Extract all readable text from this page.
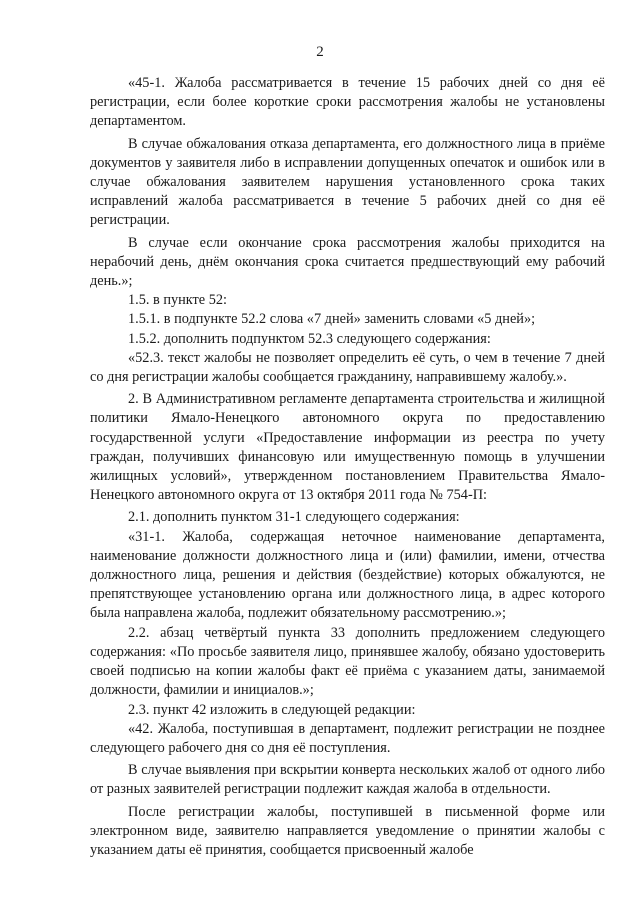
2

«45-1. Жалоба рассматривается в течение 15 рабочих дней со дня её регистрации, если более короткие сроки рассмотрения жалобы не установлены департаментом.

В случае обжалования отказа департамента, его должностного лица в приёме документов у заявителя либо в исправлении допущенных опечаток и ошибок или в случае обжалования заявителем нарушения установленного срока таких исправлений жалоба рассматривается в течение 5 рабочих дней со дня её регистрации.

В случае если окончание срока рассмотрения жалобы приходится на нерабочий день, днём окончания срока считается предшествующий ему рабочий день.»;

1.5. в пункте 52:

1.5.1. в подпункте 52.2 слова «7 дней» заменить словами «5 дней»;

1.5.2. дополнить подпунктом 52.3 следующего содержания:

«52.3. текст жалобы не позволяет определить её суть, о чем в течение 7 дней со дня регистрации жалобы сообщается гражданину, направившему жалобу.».

2. В Административном регламенте департамента строительства и жилищной политики Ямало-Ненецкого автономного округа по предоставлению государственной услуги «Предоставление информации из реестра по учету граждан, получивших финансовую или имущественную помощь в улучшении жилищных условий», утвержденном постановлением Правительства Ямало-Ненецкого автономного округа от 13 октября 2011 года № 754-П:

2.1. дополнить пунктом 31-1 следующего содержания:

«31-1. Жалоба, содержащая неточное наименование департамента, наименование должности должностного лица и (или) фамилии, имени, отчества должностного лица, решения и действия (бездействие) которых обжалуются, не препятствующее установлению органа или должностного лица, в адрес которого была направлена жалоба, подлежит обязательному рассмотрению.»;

2.2. абзац четвёртый пункта 33 дополнить предложением следующего содержания: «По просьбе заявителя лицо, принявшее жалобу, обязано удостоверить своей подписью на копии жалобы факт её приёма с указанием даты, занимаемой должности, фамилии и инициалов.»;

2.3. пункт 42 изложить в следующей редакции:

«42. Жалоба, поступившая в департамент, подлежит регистрации не позднее следующего рабочего дня со дня её поступления.

В случае выявления при вскрытии конверта нескольких жалоб от одного либо от разных заявителей регистрации подлежит каждая жалоба в отдельности.

После регистрации жалобы, поступившей в письменной форме или электронном виде, заявителю направляется уведомление о принятии жалобы с указанием даты её принятия, сообщается присвоенный жалобе
